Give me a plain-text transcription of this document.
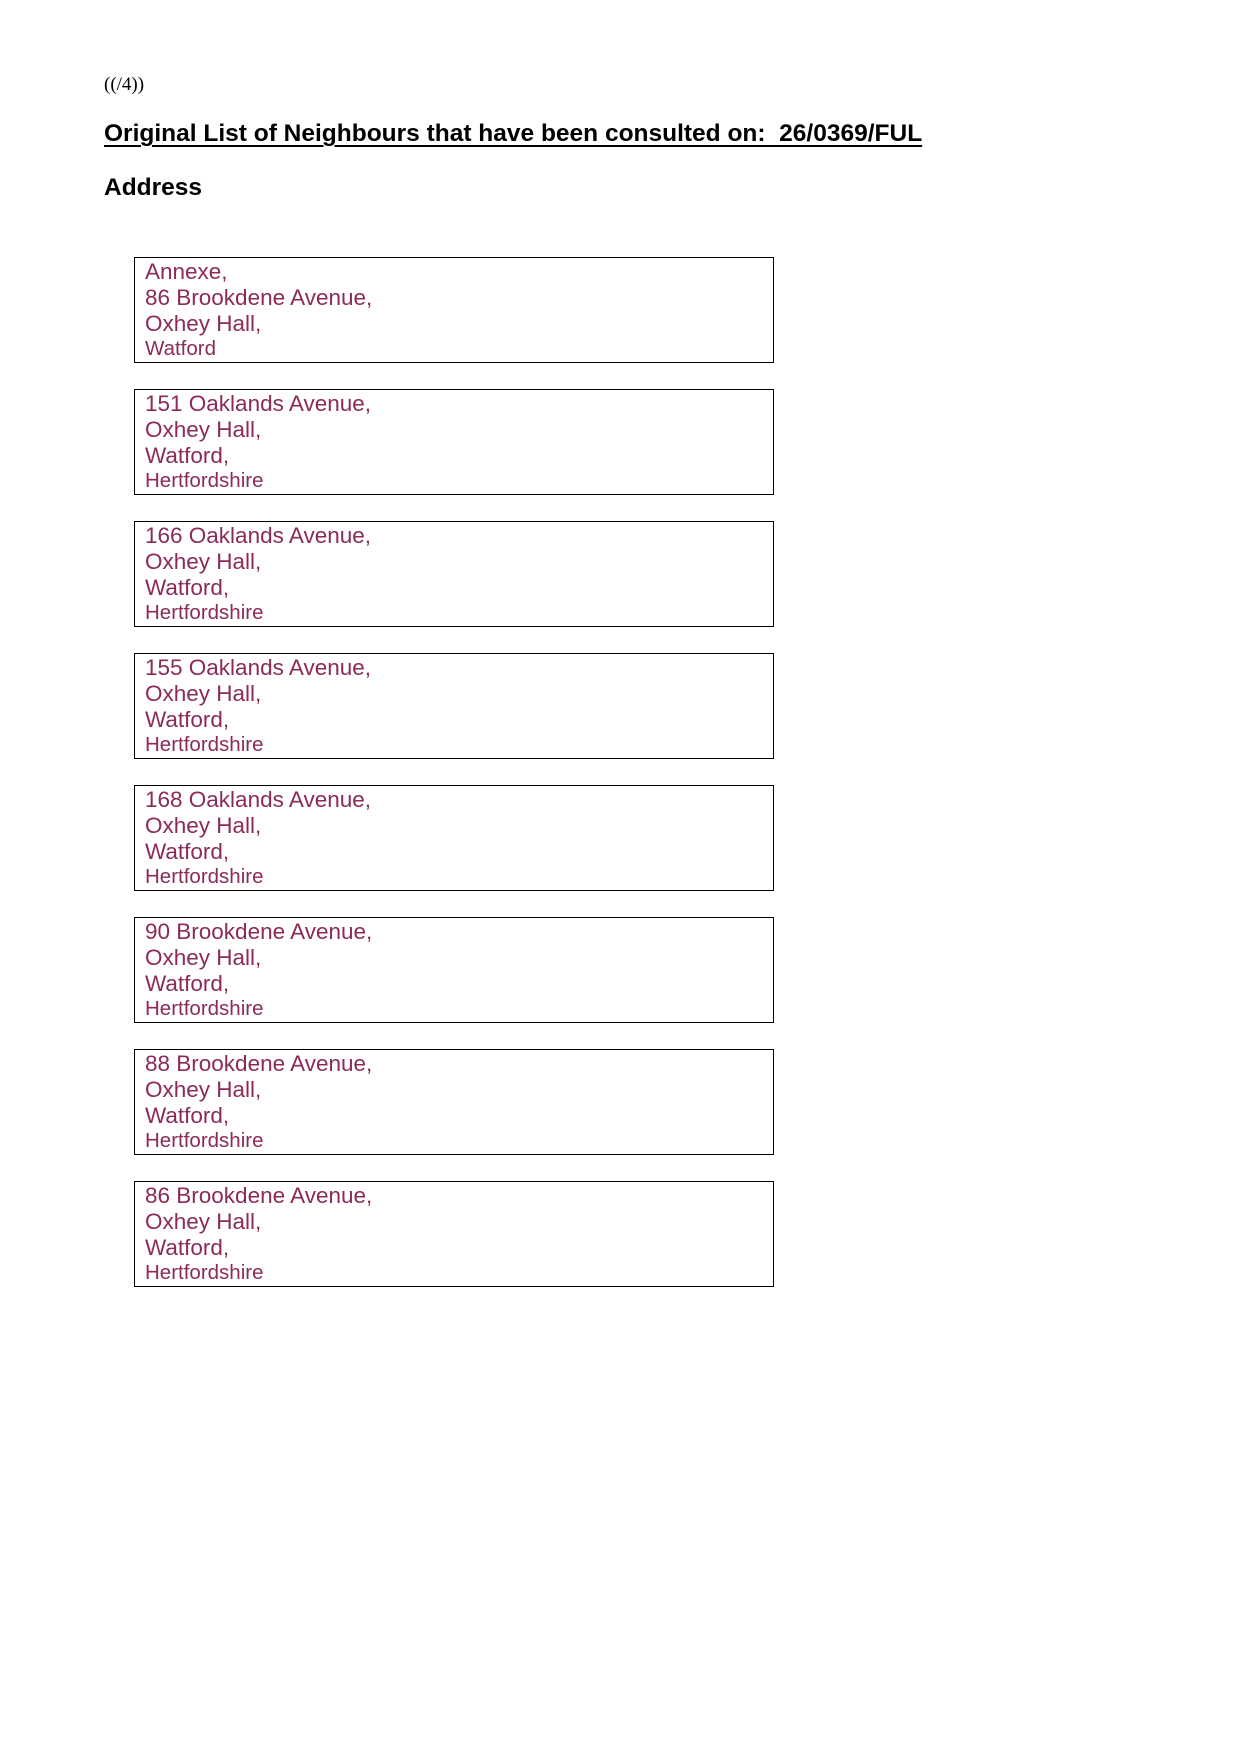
((/4))

Original List of Neighbours that have been consulted on:  26/0369/FUL
Address
Annexe,
86 Brookdene Avenue,
Oxhey Hall,
Watford
151 Oaklands Avenue,
Oxhey Hall,
Watford,
Hertfordshire
166 Oaklands Avenue,
Oxhey Hall,
Watford,
Hertfordshire
155 Oaklands Avenue,
Oxhey Hall,
Watford,
Hertfordshire
168 Oaklands Avenue,
Oxhey Hall,
Watford,
Hertfordshire
90 Brookdene Avenue,
Oxhey Hall,
Watford,
Hertfordshire
88 Brookdene Avenue,
Oxhey Hall,
Watford,
Hertfordshire
86 Brookdene Avenue,
Oxhey Hall,
Watford,
Hertfordshire
